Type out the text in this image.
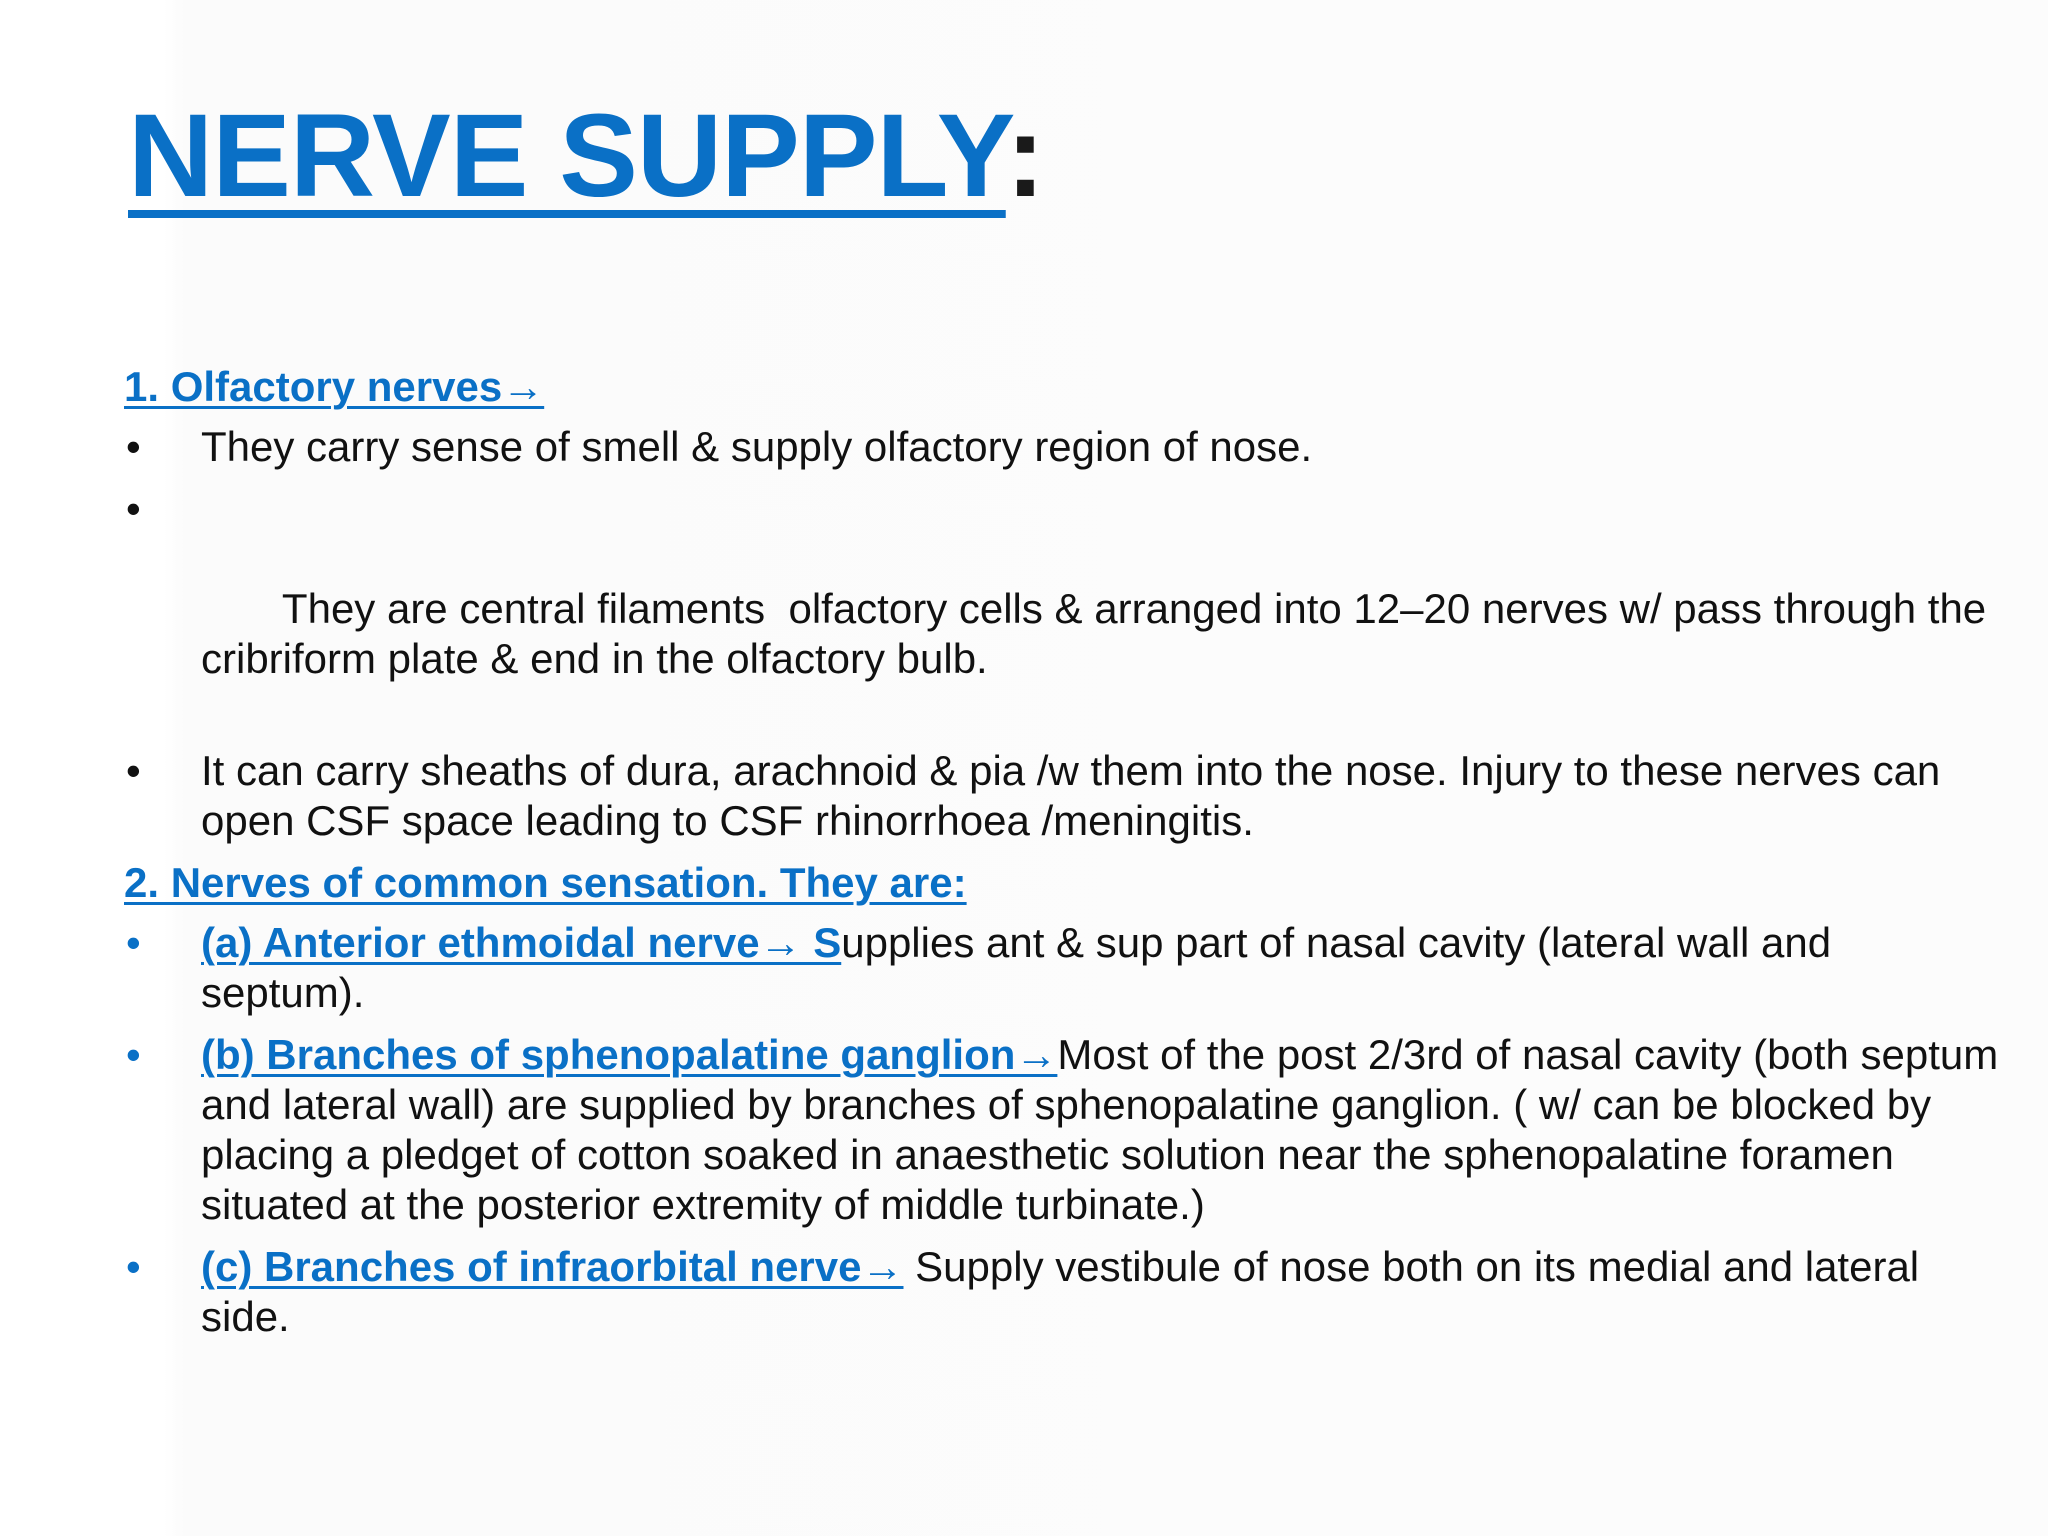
NERVE SUPPLY:
1. Olfactory nerves→
•	They carry sense of smell & supply olfactory region of nose.

•

They are central filaments  olfactory cells & arranged into 12–20 nerves w/ pass through the cribriform plate & end in the olfactory bulb.

•	It can carry sheaths of dura, arachnoid & pia /w them into the nose. Injury to these nerves can open CSF space leading to CSF rhinorrhoea /meningitis.
2. Nerves of common sensation. They are:
•	(a) Anterior ethmoidal nerve→ Supplies ant & sup part of nasal cavity (lateral wall and septum).
•	(b) Branches of sphenopalatine ganglion→Most of the post 2/3rd of nasal cavity (both septum and lateral wall) are supplied by branches of sphenopalatine ganglion. ( w/ can be blocked by placing a pledget of cotton soaked in anaesthetic solution near the sphenopalatine foramen situated at the posterior extremity of middle turbinate.)
•	(c) Branches of infraorbital nerve→ Supply vestibule of nose both on its medial and lateral side.
